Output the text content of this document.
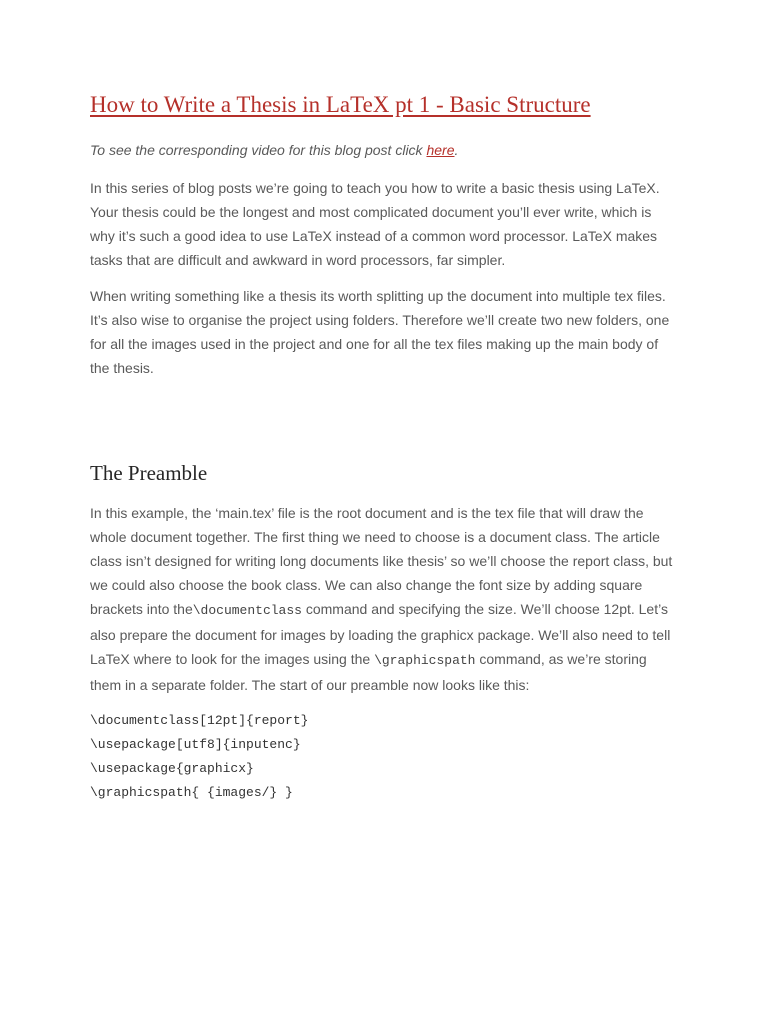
How to Write a Thesis in LaTeX pt 1 - Basic Structure

To see the corresponding video for this blog post click here.

In this series of blog posts we’re going to teach you how to write a basic thesis using LaTeX. Your thesis could be the longest and most complicated document you’ll ever write, which is why it’s such a good idea to use LaTeX instead of a common word processor. LaTeX makes tasks that are difficult and awkward in word processors, far simpler.

When writing something like a thesis its worth splitting up the document into multiple tex files.

It’s also wise to organise the project using folders. Therefore we’ll create two new folders, one for all the images used in the project and one for all the tex files making up the main body of the thesis.

The Preamble

In this example, the ‘main.tex’ file is the root document and is the tex file that will draw the whole document together. The first thing we need to choose is a document class. The article class isn’t designed for writing long documents like thesis’ so we’ll choose the report class, but we could also choose the book class. We can also change the font size by adding square brackets into the\documentclass command and specifying the size. We’ll choose 12pt. Let’s also prepare the document for images by loading the graphicx package. We’ll also need to tell LaTeX where to look for the images using the \graphicspath command, as we’re storing them in a separate folder. The start of our preamble now looks like this:

\documentclass[12pt]{report}
\usepackage[utf8]{inputenc}
\usepackage{graphicx}
\graphicspath{ {images/} }
